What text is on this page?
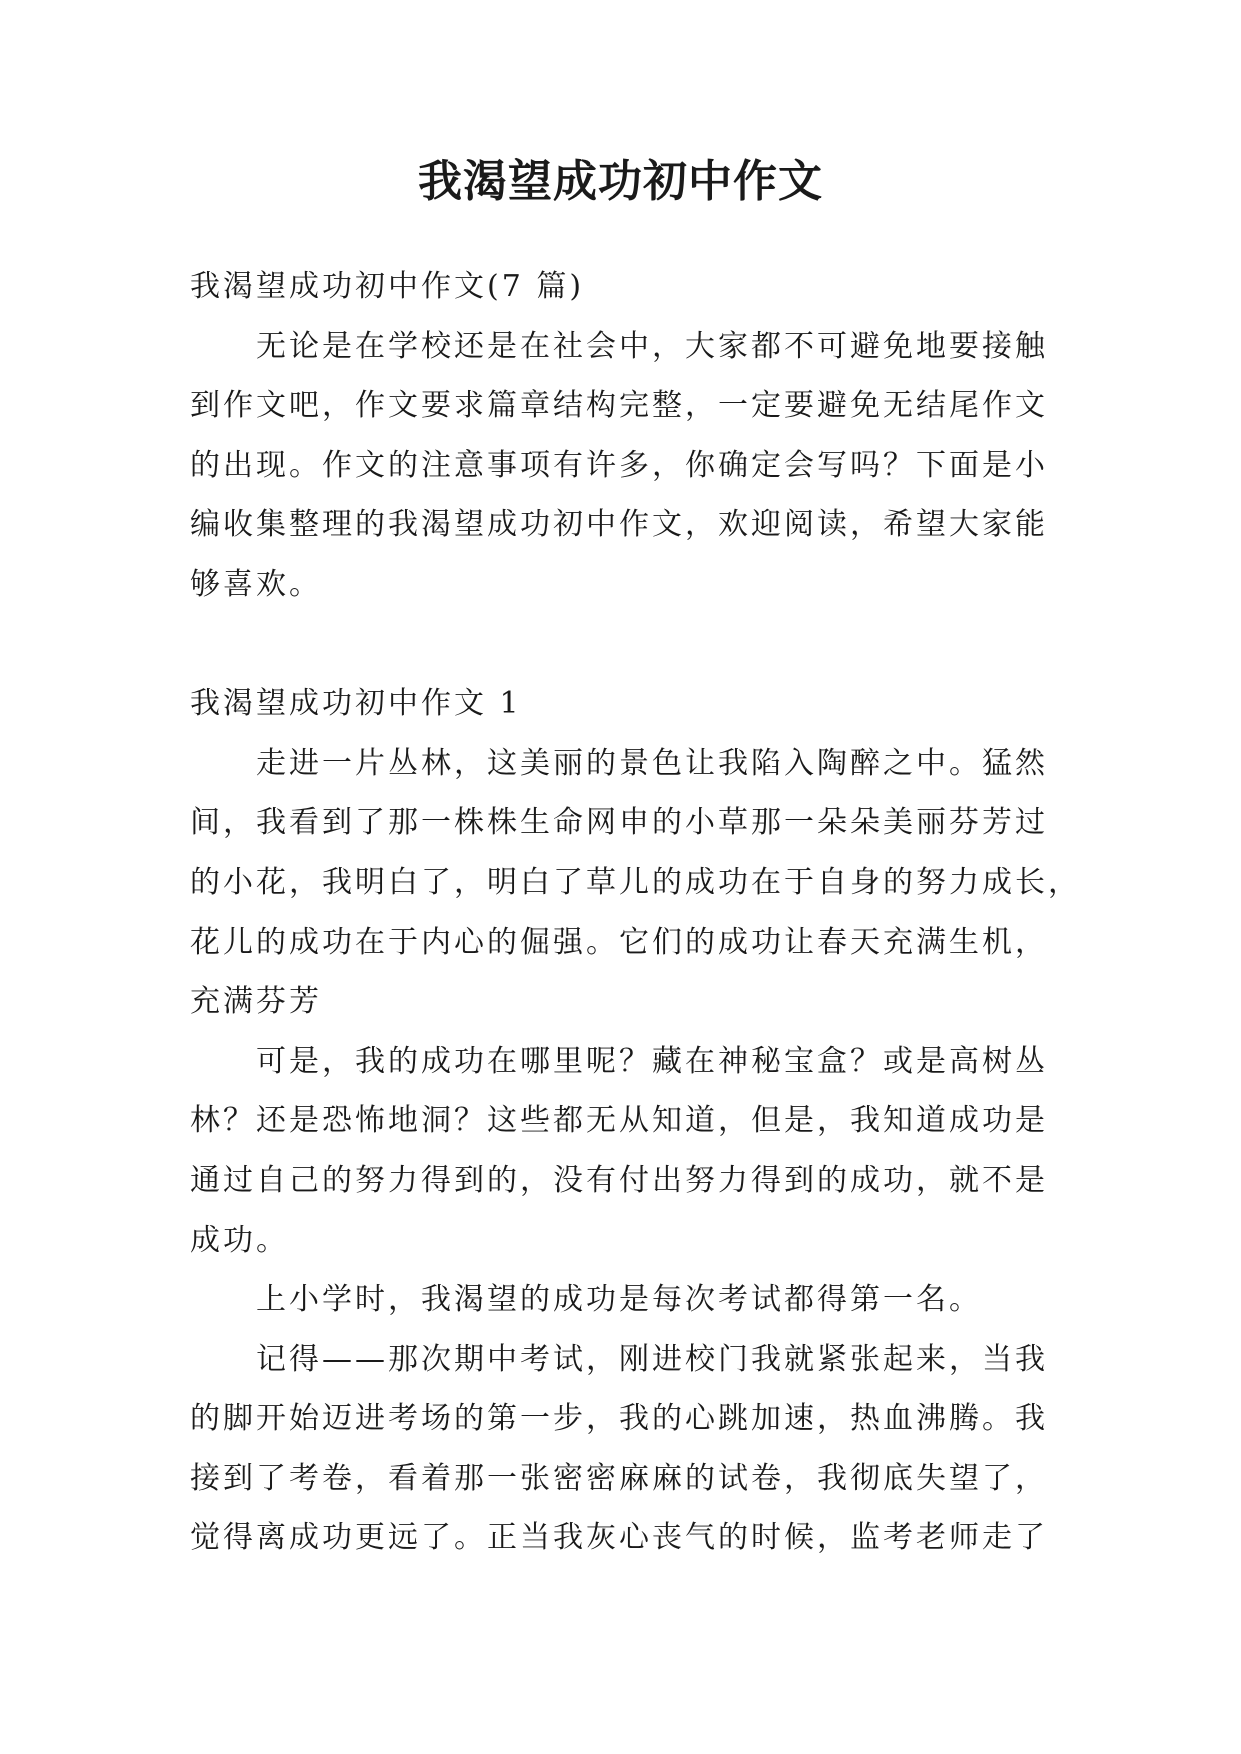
我渴望成功初中作文
我渴望成功初中作文(7 篇)
无论是在学校还是在社会中，大家都不可避免地要接触
到作文吧，作文要求篇章结构完整，一定要避免无结尾作文
的出现。作文的注意事项有许多，你确定会写吗？下面是小
编收集整理的我渴望成功初中作文，欢迎阅读，希望大家能
够喜欢。
我渴望成功初中作文 1
走进一片丛林，这美丽的景色让我陷入陶醉之中。猛然
间，我看到了那一株株生命网申的小草那一朵朵美丽芬芳过
的小花，我明白了，明白了草儿的成功在于自身的努力成长，
花儿的成功在于内心的倔强。它们的成功让春天充满生机，
充满芬芳
可是，我的成功在哪里呢？藏在神秘宝盒？或是高树丛
林？还是恐怖地洞？这些都无从知道，但是，我知道成功是
通过自己的努力得到的，没有付出努力得到的成功，就不是
成功。
上小学时，我渴望的成功是每次考试都得第一名。
记得——那次期中考试，刚进校门我就紧张起来，当我
的脚开始迈进考场的第一步，我的心跳加速，热血沸腾。我
接到了考卷，看着那一张密密麻麻的试卷，我彻底失望了，
觉得离成功更远了。正当我灰心丧气的时候，监考老师走了
